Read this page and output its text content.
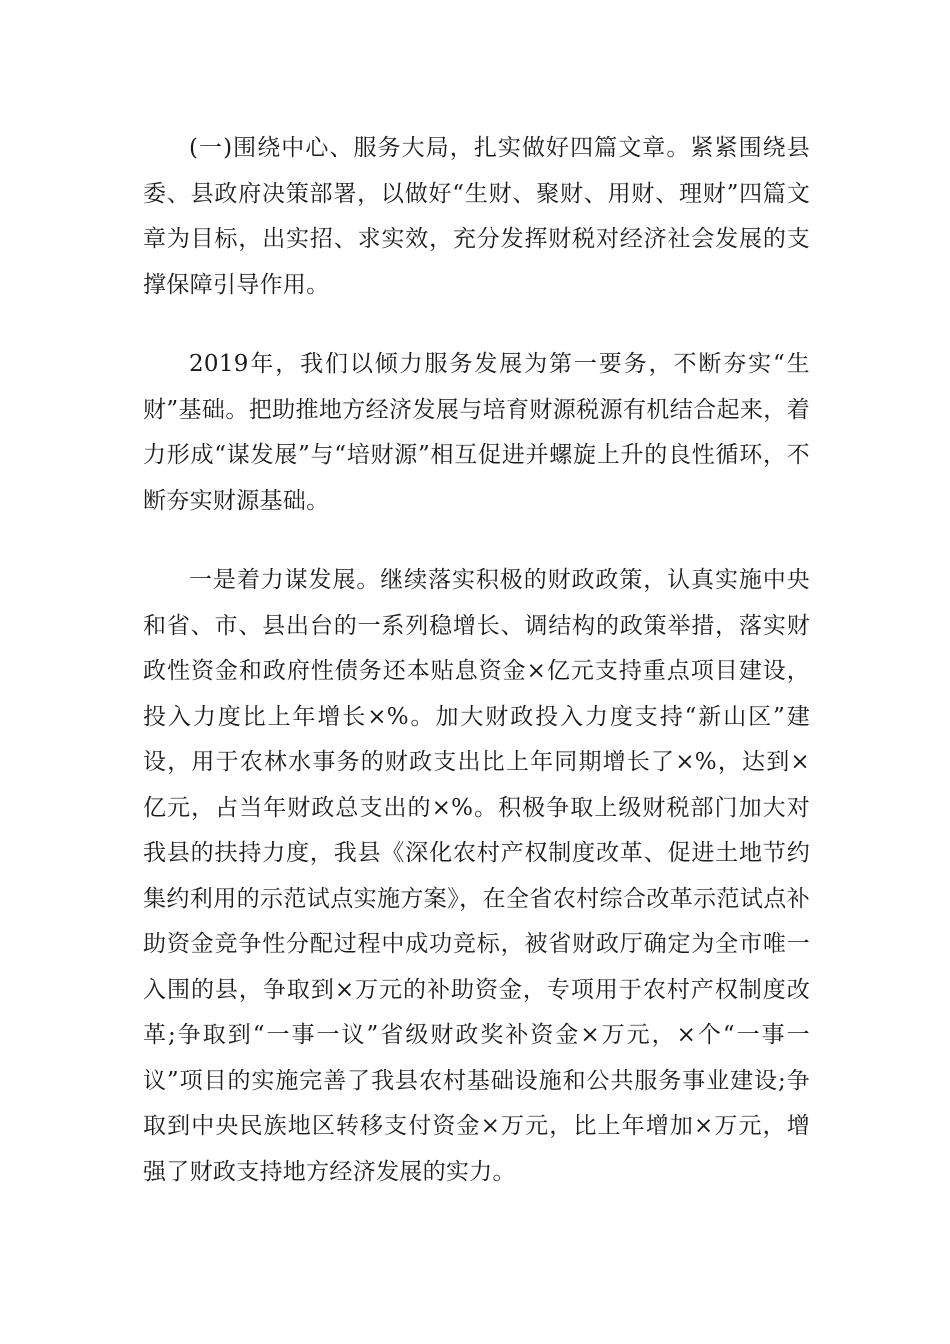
(一)围绕中心、服务大局，扎实做好四篇文章。紧紧围绕县委、县政府决策部署，以做好“生财、聚财、用财、理财”四篇文章为目标，出实招、求实效，充分发挥财税对经济社会发展的支撑保障引导作用。

2019年，我们以倾力服务发展为第一要务，不断夯实“生财”基础。把助推地方经济发展与培育财源税源有机结合起来，着力形成“谋发展”与“培财源”相互促进并螺旋上升的良性循环，不断夯实财源基础。

一是着力谋发展。继续落实积极的财政政策，认真实施中央和省、市、县出台的一系列稳增长、调结构的政策举措，落实财政性资金和政府性债务还本贴息资金×亿元支持重点项目建设，投入力度比上年增长×%。加大财政投入力度支持“新山区”建设，用于农林水事务的财政支出比上年同期增长了×%，达到×亿元，占当年财政总支出的×%。积极争取上级财税部门加大对我县的扶持力度，我县《深化农村产权制度改革、促进土地节约集约利用的示范试点实施方案》，在全省农村综合改革示范试点补助资金竞争性分配过程中成功竞标，被省财政厅确定为全市唯一入围的县，争取到×万元的补助资金，专项用于农村产权制度改革;争取到“一事一议”省级财政奖补资金×万元，×个“一事一议”项目的实施完善了我县农村基础设施和公共服务事业建设;争取到中央民族地区转移支付资金×万元，比上年增加×万元，增强了财政支持地方经济发展的实力。
